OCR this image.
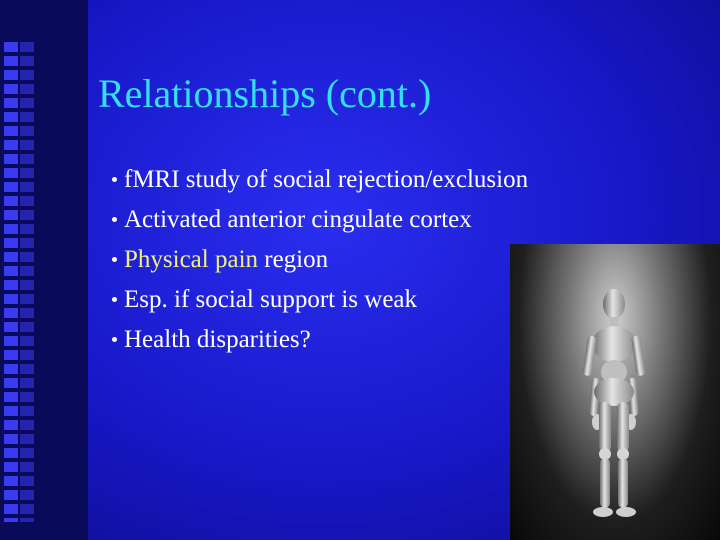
Relationships (cont.)
fMRI study of social rejection/exclusion
Activated anterior cingulate cortex
Physical pain region
Esp. if social support is weak
Health disparities?
